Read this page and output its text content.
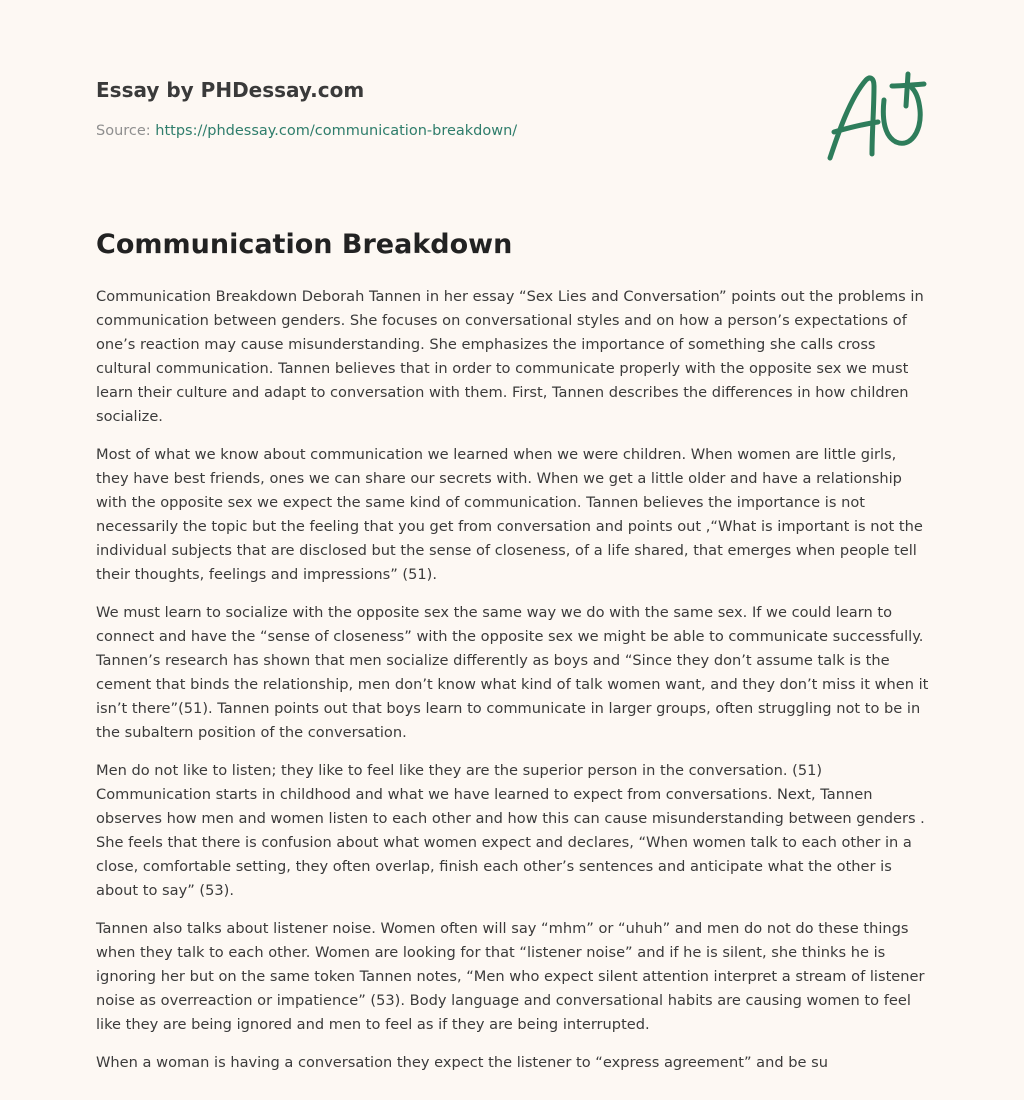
Essay by PHDessay.com
Source: https://phdessay.com/communication-breakdown/
Communication Breakdown

Communication Breakdown Deborah Tannen in her essay “Sex Lies and Conversation” points out the problems in communication between genders. She focuses on conversational styles and on how a person’s expectations of one’s reaction may cause misunderstanding. She emphasizes the importance of something she calls cross cultural communication. Tannen believes that in order to communicate properly with the opposite sex we must learn their culture and adapt to conversation with them. First, Tannen describes the differences in how children socialize.

Most of what we know about communication we learned when we were children. When women are little girls, they have best friends, ones we can share our secrets with. When we get a little older and have a relationship with the opposite sex we expect the same kind of communication. Tannen believes the importance is not necessarily the topic but the feeling that you get from conversation and points out ,“What is important is not the individual subjects that are disclosed but the sense of closeness, of a life shared, that emerges when people tell their thoughts, feelings and impressions” (51).

We must learn to socialize with the opposite sex the same way we do with the same sex. If we could learn to connect and have the “sense of closeness” with the opposite sex we might be able to communicate successfully. Tannen’s research has shown that men socialize differently as boys and “Since they don’t assume talk is the cement that binds the relationship, men don’t know what kind of talk women want, and they don’t miss it when it isn’t there”(51). Tannen points out that boys learn to communicate in larger groups, often struggling not to be in the subaltern position of the conversation.

Men do not like to listen; they like to feel like they are the superior person in the conversation. (51) Communication starts in childhood and what we have learned to expect from conversations. Next, Tannen observes how men and women listen to each other and how this can cause misunderstanding between genders . She feels that there is confusion about what women expect and declares, “When women talk to each other in a close, comfortable setting, they often overlap, finish each other’s sentences and anticipate what the other is about to say” (53).

Tannen also talks about listener noise. Women often will say “mhm” or “uhuh” and men do not do these things when they talk to each other. Women are looking for that “listener noise” and if he is silent, she thinks he is ignoring her but on the same token Tannen notes, “Men who expect silent attention interpret a stream of listener noise as overreaction or impatience” (53). Body language and conversational habits are causing women to feel like they are being ignored and men to feel as if they are being interrupted.

When a woman is having a conversation they expect the listener to “express agreement” and be su
